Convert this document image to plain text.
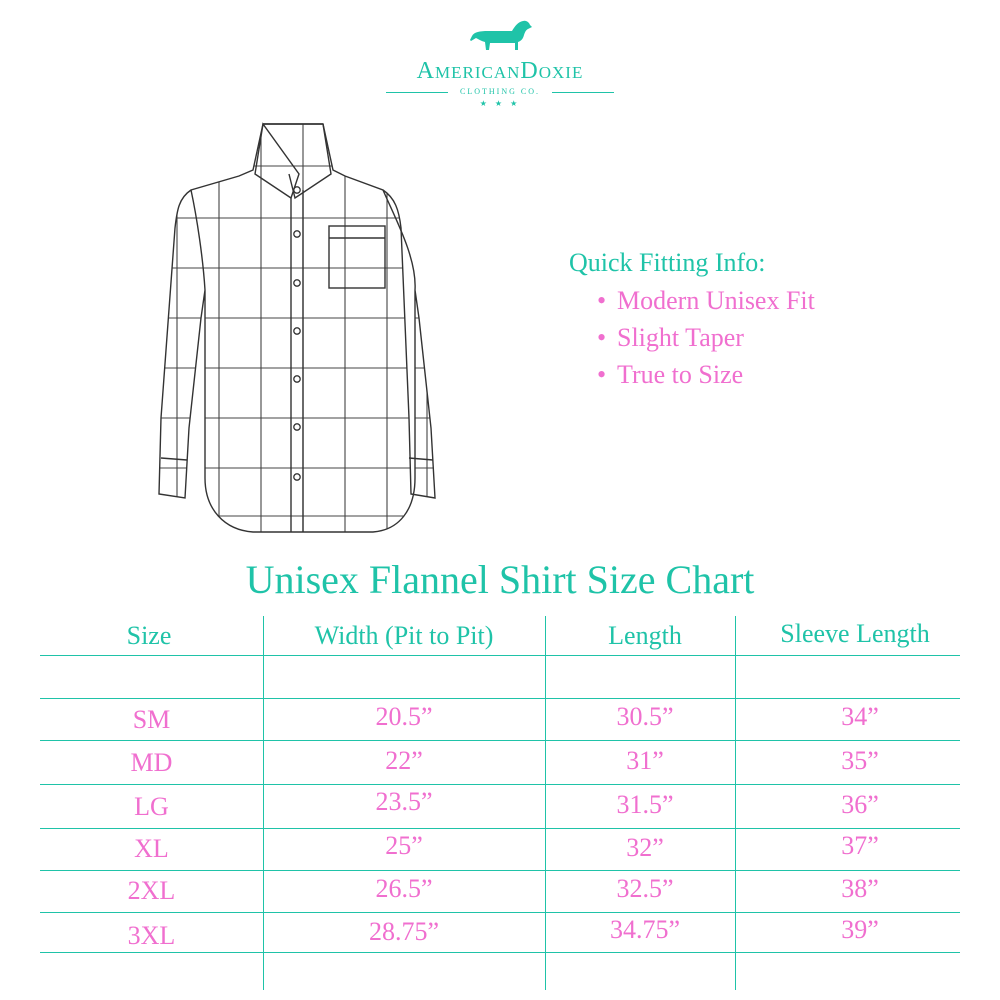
AmericanDoxie
CLOTHING CO.
★ ★ ★
Quick Fitting Info:
• Modern Unisex Fit
• Slight Taper
• True to Size
Unisex Flannel Shirt Size Chart
Size	Width (Pit to Pit)	Length	Sleeve Length
SM	20.5”	30.5”	34”
MD	22”	31”	35”
LG	23.5”	31.5”	36”
XL	25”	32”	37”
2XL	26.5”	32.5”	38”
3XL	28.75”	34.75”	39”
